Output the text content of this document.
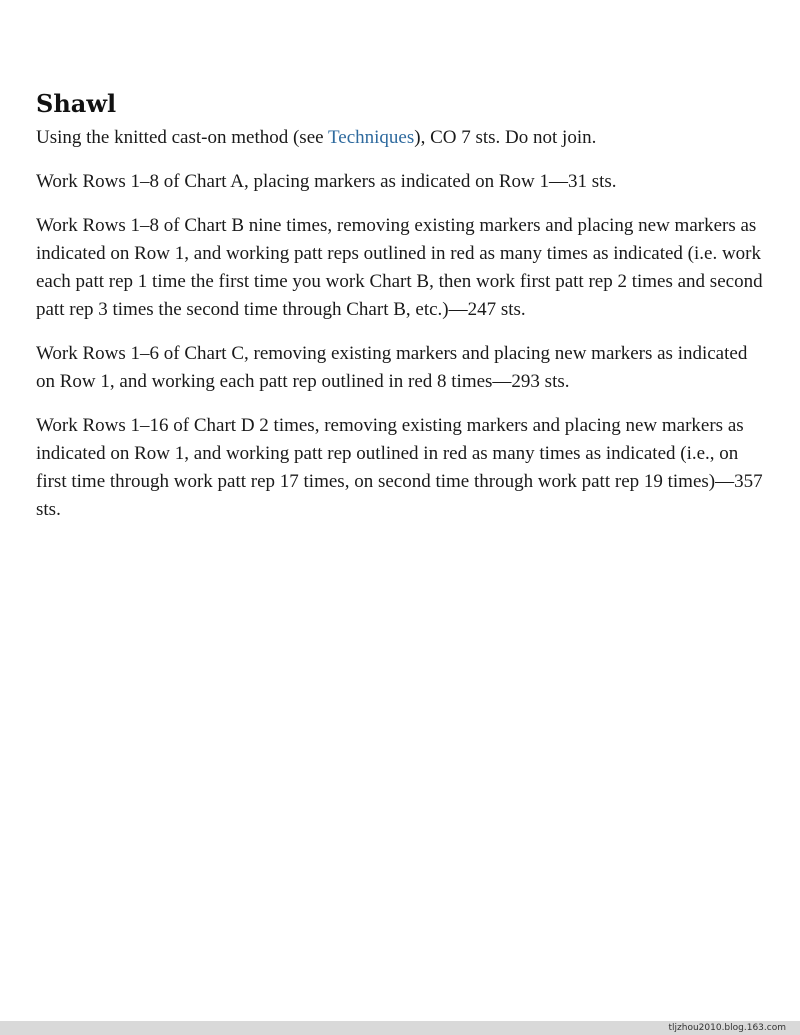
Shawl

Using the knitted cast-on method (see Techniques), CO 7 sts. Do not join.

Work Rows 1–8 of Chart A, placing markers as indicated on Row 1—31 sts.

Work Rows 1–8 of Chart B nine times, removing existing markers and placing new markers as indicated on Row 1, and working patt reps outlined in red as many times as indicated (i.e. work each patt rep 1 time the first time you work Chart B, then work first patt rep 2 times and second patt rep 3 times the second time through Chart B, etc.)—247 sts.

Work Rows 1–6 of Chart C, removing existing markers and placing new markers as indicated on Row 1, and working each patt rep outlined in red 8 times—293 sts.

Work Rows 1–16 of Chart D 2 times, removing existing markers and placing new markers as indicated on Row 1, and working patt rep outlined in red as many times as indicated (i.e., on first time through work patt rep 17 times, on second time through work patt rep 19 times)—357 sts.

tljzhou2010.blog.163.com
